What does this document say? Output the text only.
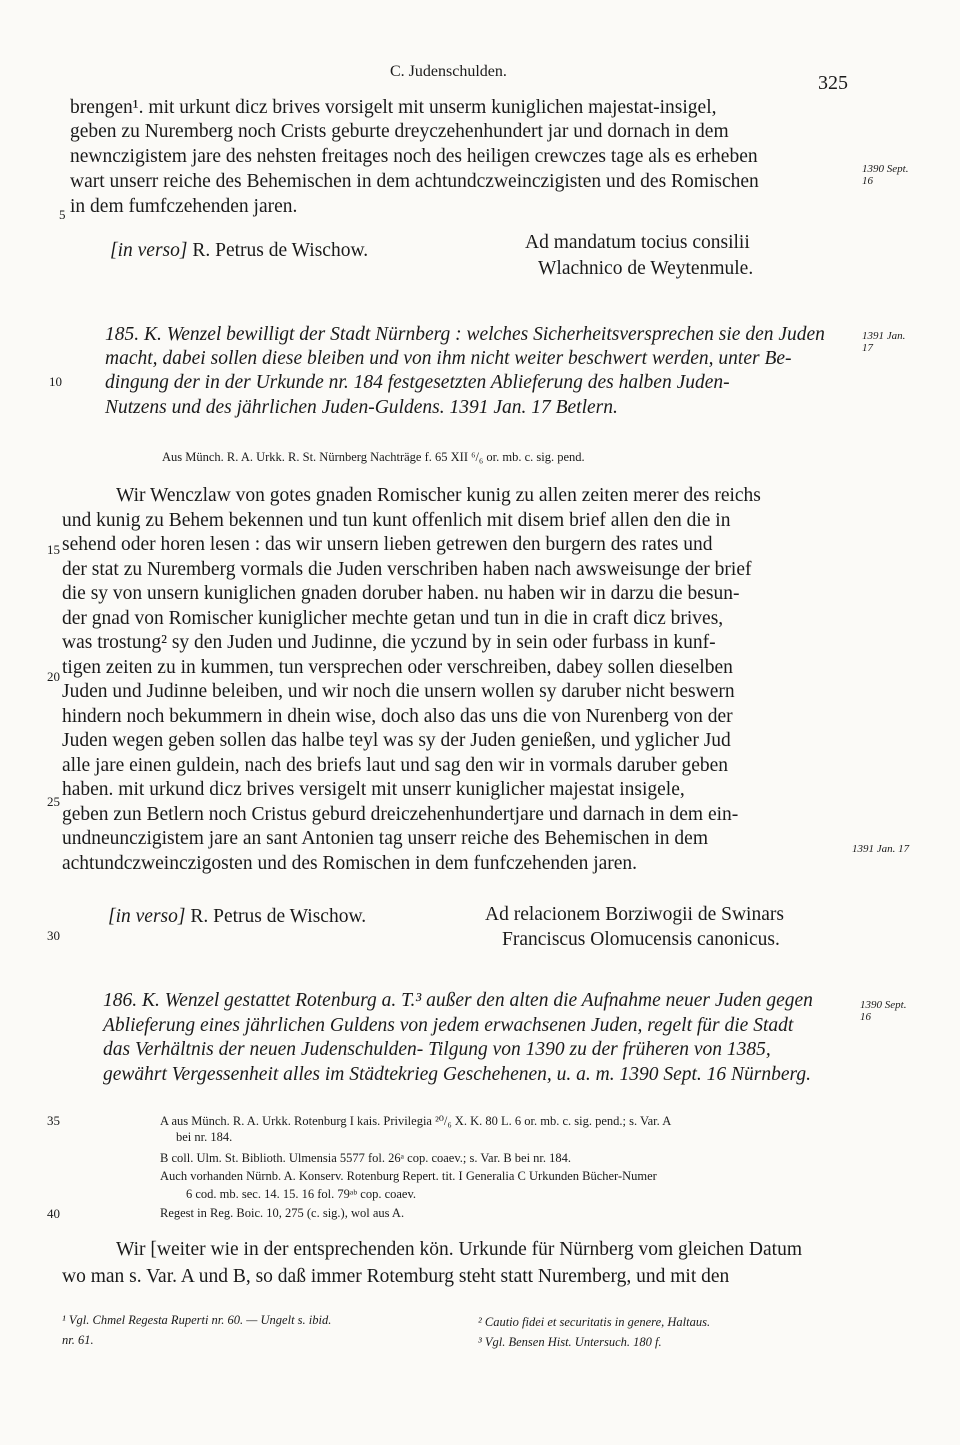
C. Judenschulden.
325
brengen¹. mit urkunt dicz brives vorsigelt mit unserm kuniglichen majestat-insigel,
geben zu Nuremberg noch Crists geburte dreyczehenhundert jar und dornach in dem
newnczigistem jare des nehsten freitages noch des heiligen crewczes tage als es erheben
wart unserr reiche des Behemischen in dem achtundczweinczigisten und des Romischen
in dem fumfczehenden jaren.
5
1390 Sept. 16
[in verso] R. Petrus de Wischow.	Ad mandatum tocius consilii
Wlachnico de Weytenmule.
185. K. Wenzel bewilligt der Stadt Nürnberg : welches Sicherheitsversprechen sie den Juden
macht, dabei sollen diese bleiben und von ihm nicht weiter beschwert werden, unter Be-
dingung der in der Urkunde nr. 184 festgesetzten Ablieferung des halben Juden-
Nutzens und des jährlichen Juden-Guldens. 1391 Jan. 17 Betlern.
10
1391 Jan. 17
Aus Münch. R. A. Urkk. R. St. Nürnberg Nachträge f. 65 XII ⁶/₆ or. mb. c. sig. pend.
Wir Wenczlaw von gotes gnaden Romischer kunig zu allen zeiten merer des reichs
und kunig zu Behem bekennen und tun kunt offenlich mit disem brief allen den die in
sehend oder horen lesen : das wir unsern lieben getrewen den burgern des rates und
der stat zu Nuremberg vormals die Juden verschriben haben nach awsweisunge der brief
die sy von unsern kuniglichen gnaden doruber haben. nu haben wir in darzu die besun-
der gnad von Romischer kuniglicher mechte getan und tun in die in craft dicz brives,
was trostung² sy den Juden und Judinne, die yczund by in sein oder furbass in kunf-
tigen zeiten zu in kummen, tun versprechen oder verschreiben, dabey sollen dieselben
Juden und Judinne beleiben, und wir noch die unsern wollen sy daruber nicht beswern
hindern noch bekummern in dhein wise, doch also das uns die von Nurenberg von der
Juden wegen geben sollen das halbe teyl was sy der Juden genießen, und yglicher Jud
alle jare einen guldein, nach des briefs laut und sag den wir in vormals daruber geben
haben. mit urkund dicz brives versigelt mit unserr kuniglicher majestat insigele,
geben zun Betlern noch Cristus geburd dreiczehenhundertjare und darnach in dem ein-
undneunczigistem jare an sant Antonien tag unserr reiche des Behemischen in dem
achtundczweinczigosten und des Romischen in dem funfczehenden jaren.
15
20
25
1391 Jan. 17
[in verso] R. Petrus de Wischow.
30
Ad relacionem Borziwogii de Swinars
Franciscus Olomucensis canonicus.
186. K. Wenzel gestattet Rotenburg a. T.³ außer den alten die Aufnahme neuer Juden gegen
Ablieferung eines jährlichen Guldens von jedem erwachsenen Juden, regelt für die Stadt
das Verhältnis der neuen Judenschulden- Tilgung von 1390 zu der früheren von 1385,
gewährt Vergessenheit alles im Städtekrieg Geschehenen, u. a. m. 1390 Sept. 16 Nürnberg.
1390 Sept. 16
A aus Münch. R. A. Urkk. Rotenburg I kais. Privilegia ²⁰/₆ X. K. 80 L. 6 or. mb. c. sig. pend.; s. Var. A
bei nr. 184.
B coll. Ulm. St. Biblioth. Ulmensia 5577 fol. 26ᵃ cop. coaev.; s. Var. B bei nr. 184.
Auch vorhanden Nürnb. A. Konserv. Rotenburg Repert. tit. I Generalia C Urkunden Bücher-Numer
6 cod. mb. sec. 14. 15. 16 fol. 79ᵃᵇ cop. coaev.
Regest in Reg. Boic. 10, 275 (c. sig.), wol aus A.
35
40
Wir [weiter wie in der entsprechenden kön. Urkunde für Nürnberg vom gleichen Datum
wo man s. Var. A und B, so daß immer Rotemburg steht statt Nuremberg, und mit den
¹ Vgl. Chmel Regesta Ruperti nr. 60. — Ungelt s. ibid.
nr. 61.
² Cautio fidei et securitatis in genere, Haltaus.
³ Vgl. Bensen Hist. Untersuch. 180 f.
